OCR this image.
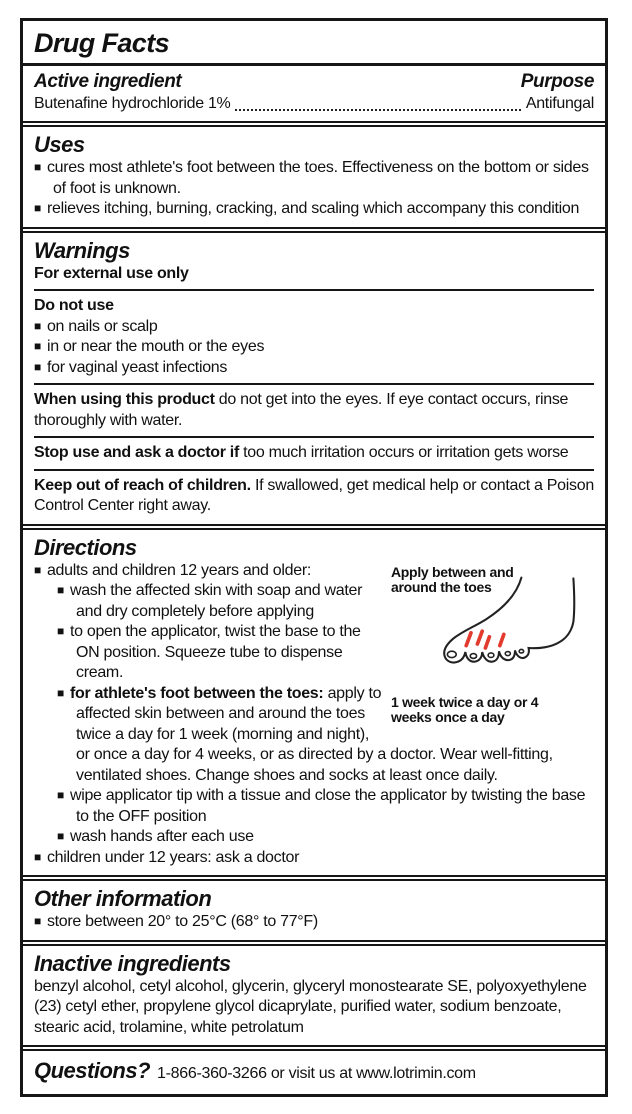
Drug Facts
Active ingredient	Purpose
Butenafine hydrochloride 1%	Antifungal
Uses
■ cures most athlete's foot between the toes. Effectiveness on the bottom or sides of foot is unknown.
■ relieves itching, burning, cracking, and scaling which accompany this condition
Warnings
For external use only
Do not use
■ on nails or scalp
■ in or near the mouth or the eyes
■ for vaginal yeast infections
When using this product do not get into the eyes. If eye contact occurs, rinse thoroughly with water.
Stop use and ask a doctor if too much irritation occurs or irritation gets worse
Keep out of reach of children. If swallowed, get medical help or contact a Poison Control Center right away.
Directions
Apply between and around the toes
1 week twice a day or 4 weeks once a day
■ adults and children 12 years and older:
■ wash the affected skin with soap and water and dry completely before applying
■ to open the applicator, twist the base to the ON position. Squeeze tube to dispense cream.
■ for athlete's foot between the toes: apply to affected skin between and around the toes twice a day for 1 week (morning and night), or once a day for 4 weeks, or as directed by a doctor. Wear well-fitting, ventilated shoes. Change shoes and socks at least once daily.
■ wipe applicator tip with a tissue and close the applicator by twisting the base to the OFF position
■ wash hands after each use
■ children under 12 years: ask a doctor
Other information
■ store between 20° to 25°C (68° to 77°F)
Inactive ingredients
benzyl alcohol, cetyl alcohol, glycerin, glyceryl monostearate SE, polyoxyethylene (23) cetyl ether, propylene glycol dicaprylate, purified water, sodium benzoate, stearic acid, trolamine, white petrolatum
Questions? 1-866-360-3266 or visit us at www.lotrimin.com
